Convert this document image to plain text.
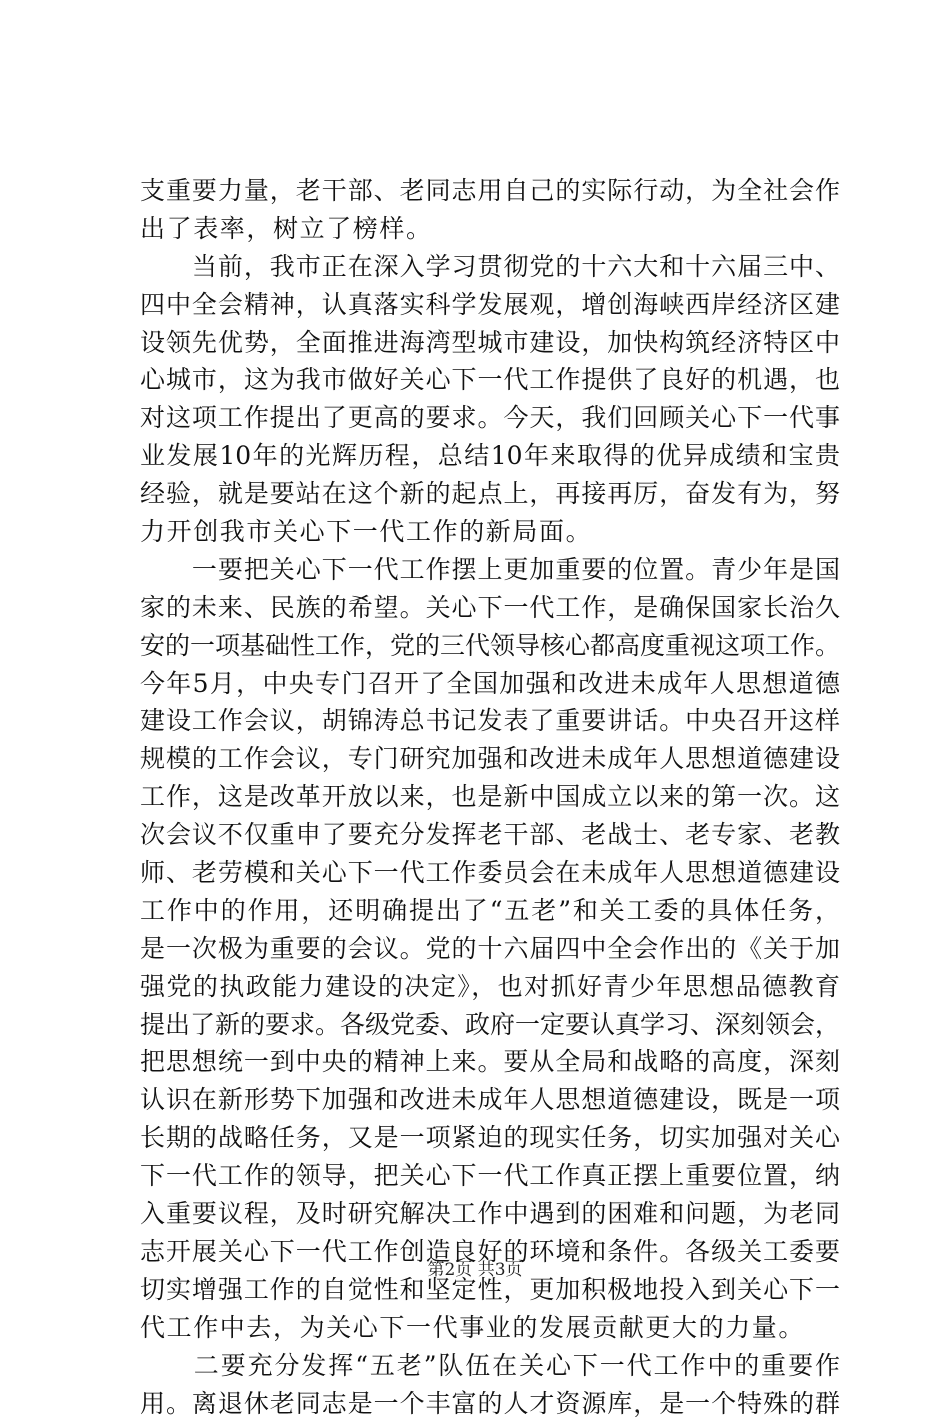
支重要力量，老干部、老同志用自己的实际行动，为全社会作
出了表率，树立了榜样。
　　当前，我市正在深入学习贯彻党的十六大和十六届三中、
四中全会精神，认真落实科学发展观，增创海峡西岸经济区建
设领先优势，全面推进海湾型城市建设，加快构筑经济特区中
心城市，这为我市做好关心下一代工作提供了良好的机遇，也
对这项工作提出了更高的要求。今天，我们回顾关心下一代事
业发展10年的光辉历程，总结10年来取得的优异成绩和宝贵
经验，就是要站在这个新的起点上，再接再厉，奋发有为，努
力开创我市关心下一代工作的新局面。
　　一要把关心下一代工作摆上更加重要的位置。青少年是国
家的未来、民族的希望。关心下一代工作，是确保国家长治久
安的一项基础性工作，党的三代领导核心都高度重视这项工作。
今年5月，中央专门召开了全国加强和改进未成年人思想道德
建设工作会议，胡锦涛总书记发表了重要讲话。中央召开这样
规模的工作会议，专门研究加强和改进未成年人思想道德建设
工作，这是改革开放以来，也是新中国成立以来的第一次。这
次会议不仅重申了要充分发挥老干部、老战士、老专家、老教
师、老劳模和关心下一代工作委员会在未成年人思想道德建设
工作中的作用，还明确提出了“五老”和关工委的具体任务，
是一次极为重要的会议。党的十六届四中全会作出的《关于加
强党的执政能力建设的决定》，也对抓好青少年思想品德教育
提出了新的要求。各级党委、政府一定要认真学习、深刻领会，
把思想统一到中央的精神上来。要从全局和战略的高度，深刻
认识在新形势下加强和改进未成年人思想道德建设，既是一项
长期的战略任务，又是一项紧迫的现实任务，切实加强对关心
下一代工作的领导，把关心下一代工作真正摆上重要位置，纳
入重要议程，及时研究解决工作中遇到的困难和问题，为老同
志开展关心下一代工作创造良好的环境和条件。各级关工委要
切实增强工作的自觉性和坚定性，更加积极地投入到关心下一
代工作中去，为关心下一代事业的发展贡献更大的力量。
　　二要充分发挥“五老”队伍在关心下一代工作中的重要作
用。离退休老同志是一个丰富的人才资源库，是一个特殊的群
第2页 共3页
